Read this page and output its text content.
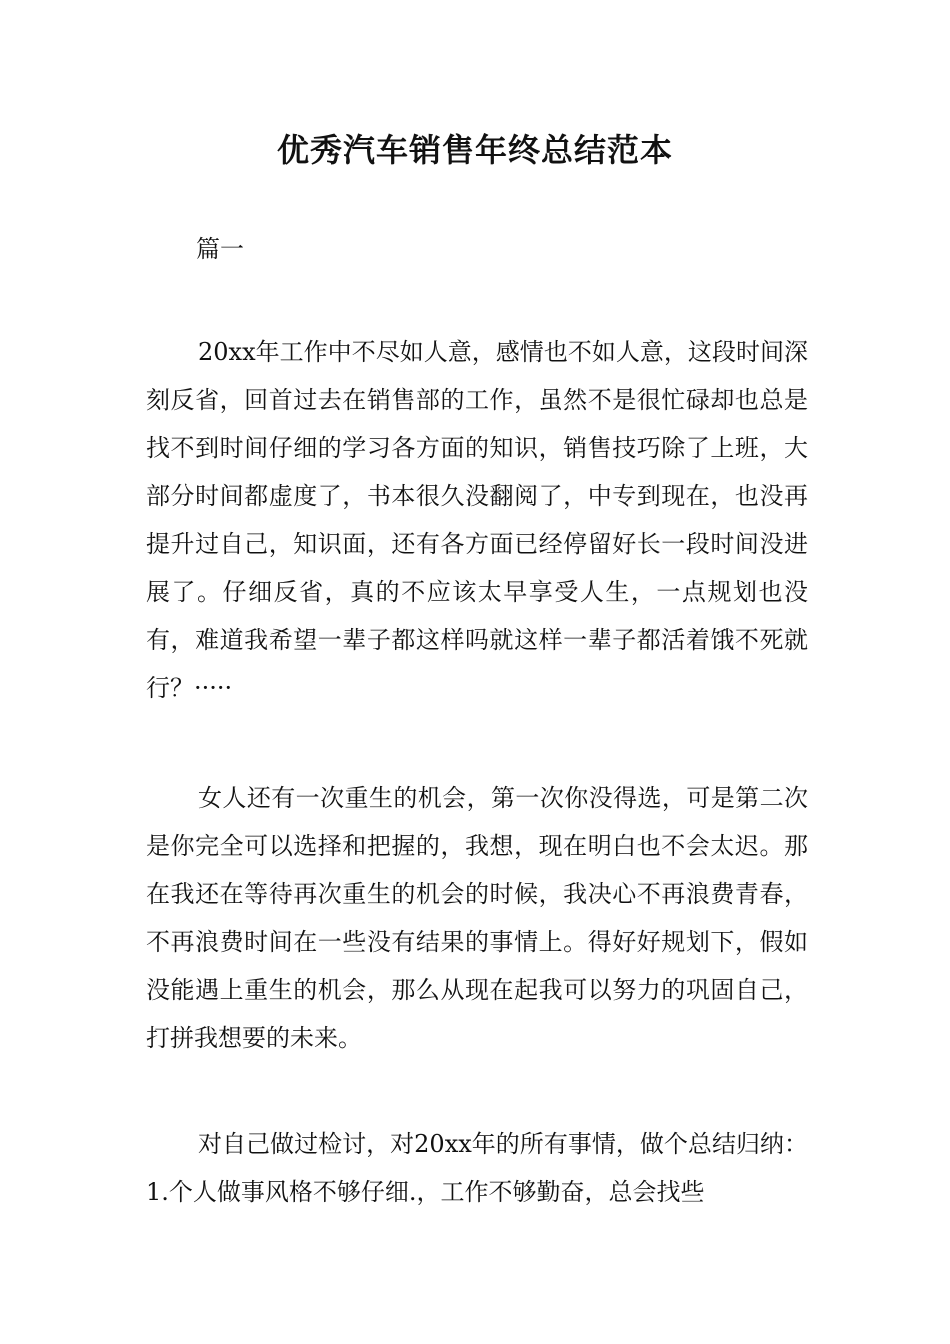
优秀汽车销售年终总结范本

篇一

20xx年工作中不尽如人意，感情也不如人意，这段时间深刻反省，回首过去在销售部的工作，虽然不是很忙碌却也总是找不到时间仔细的学习各方面的知识，销售技巧除了上班，大部分时间都虚度了，书本很久没翻阅了，中专到现在，也没再提升过自己，知识面，还有各方面已经停留好长一段时间没进展了。仔细反省，真的不应该太早享受人生，一点规划也没有，难道我希望一辈子都这样吗就这样一辈子都活着饿不死就行？·····

女人还有一次重生的机会，第一次你没得选，可是第二次是你完全可以选择和把握的，我想，现在明白也不会太迟。那在我还在等待再次重生的机会的时候，我决心不再浪费青春，不再浪费时间在一些没有结果的事情上。得好好规划下，假如没能遇上重生的机会，那么从现在起我可以努力的巩固自己，打拼我想要的未来。

对自己做过检讨，对20xx年的所有事情，做个总结归纳：1.个人做事风格不够仔细.，工作不够勤奋，总会找些
